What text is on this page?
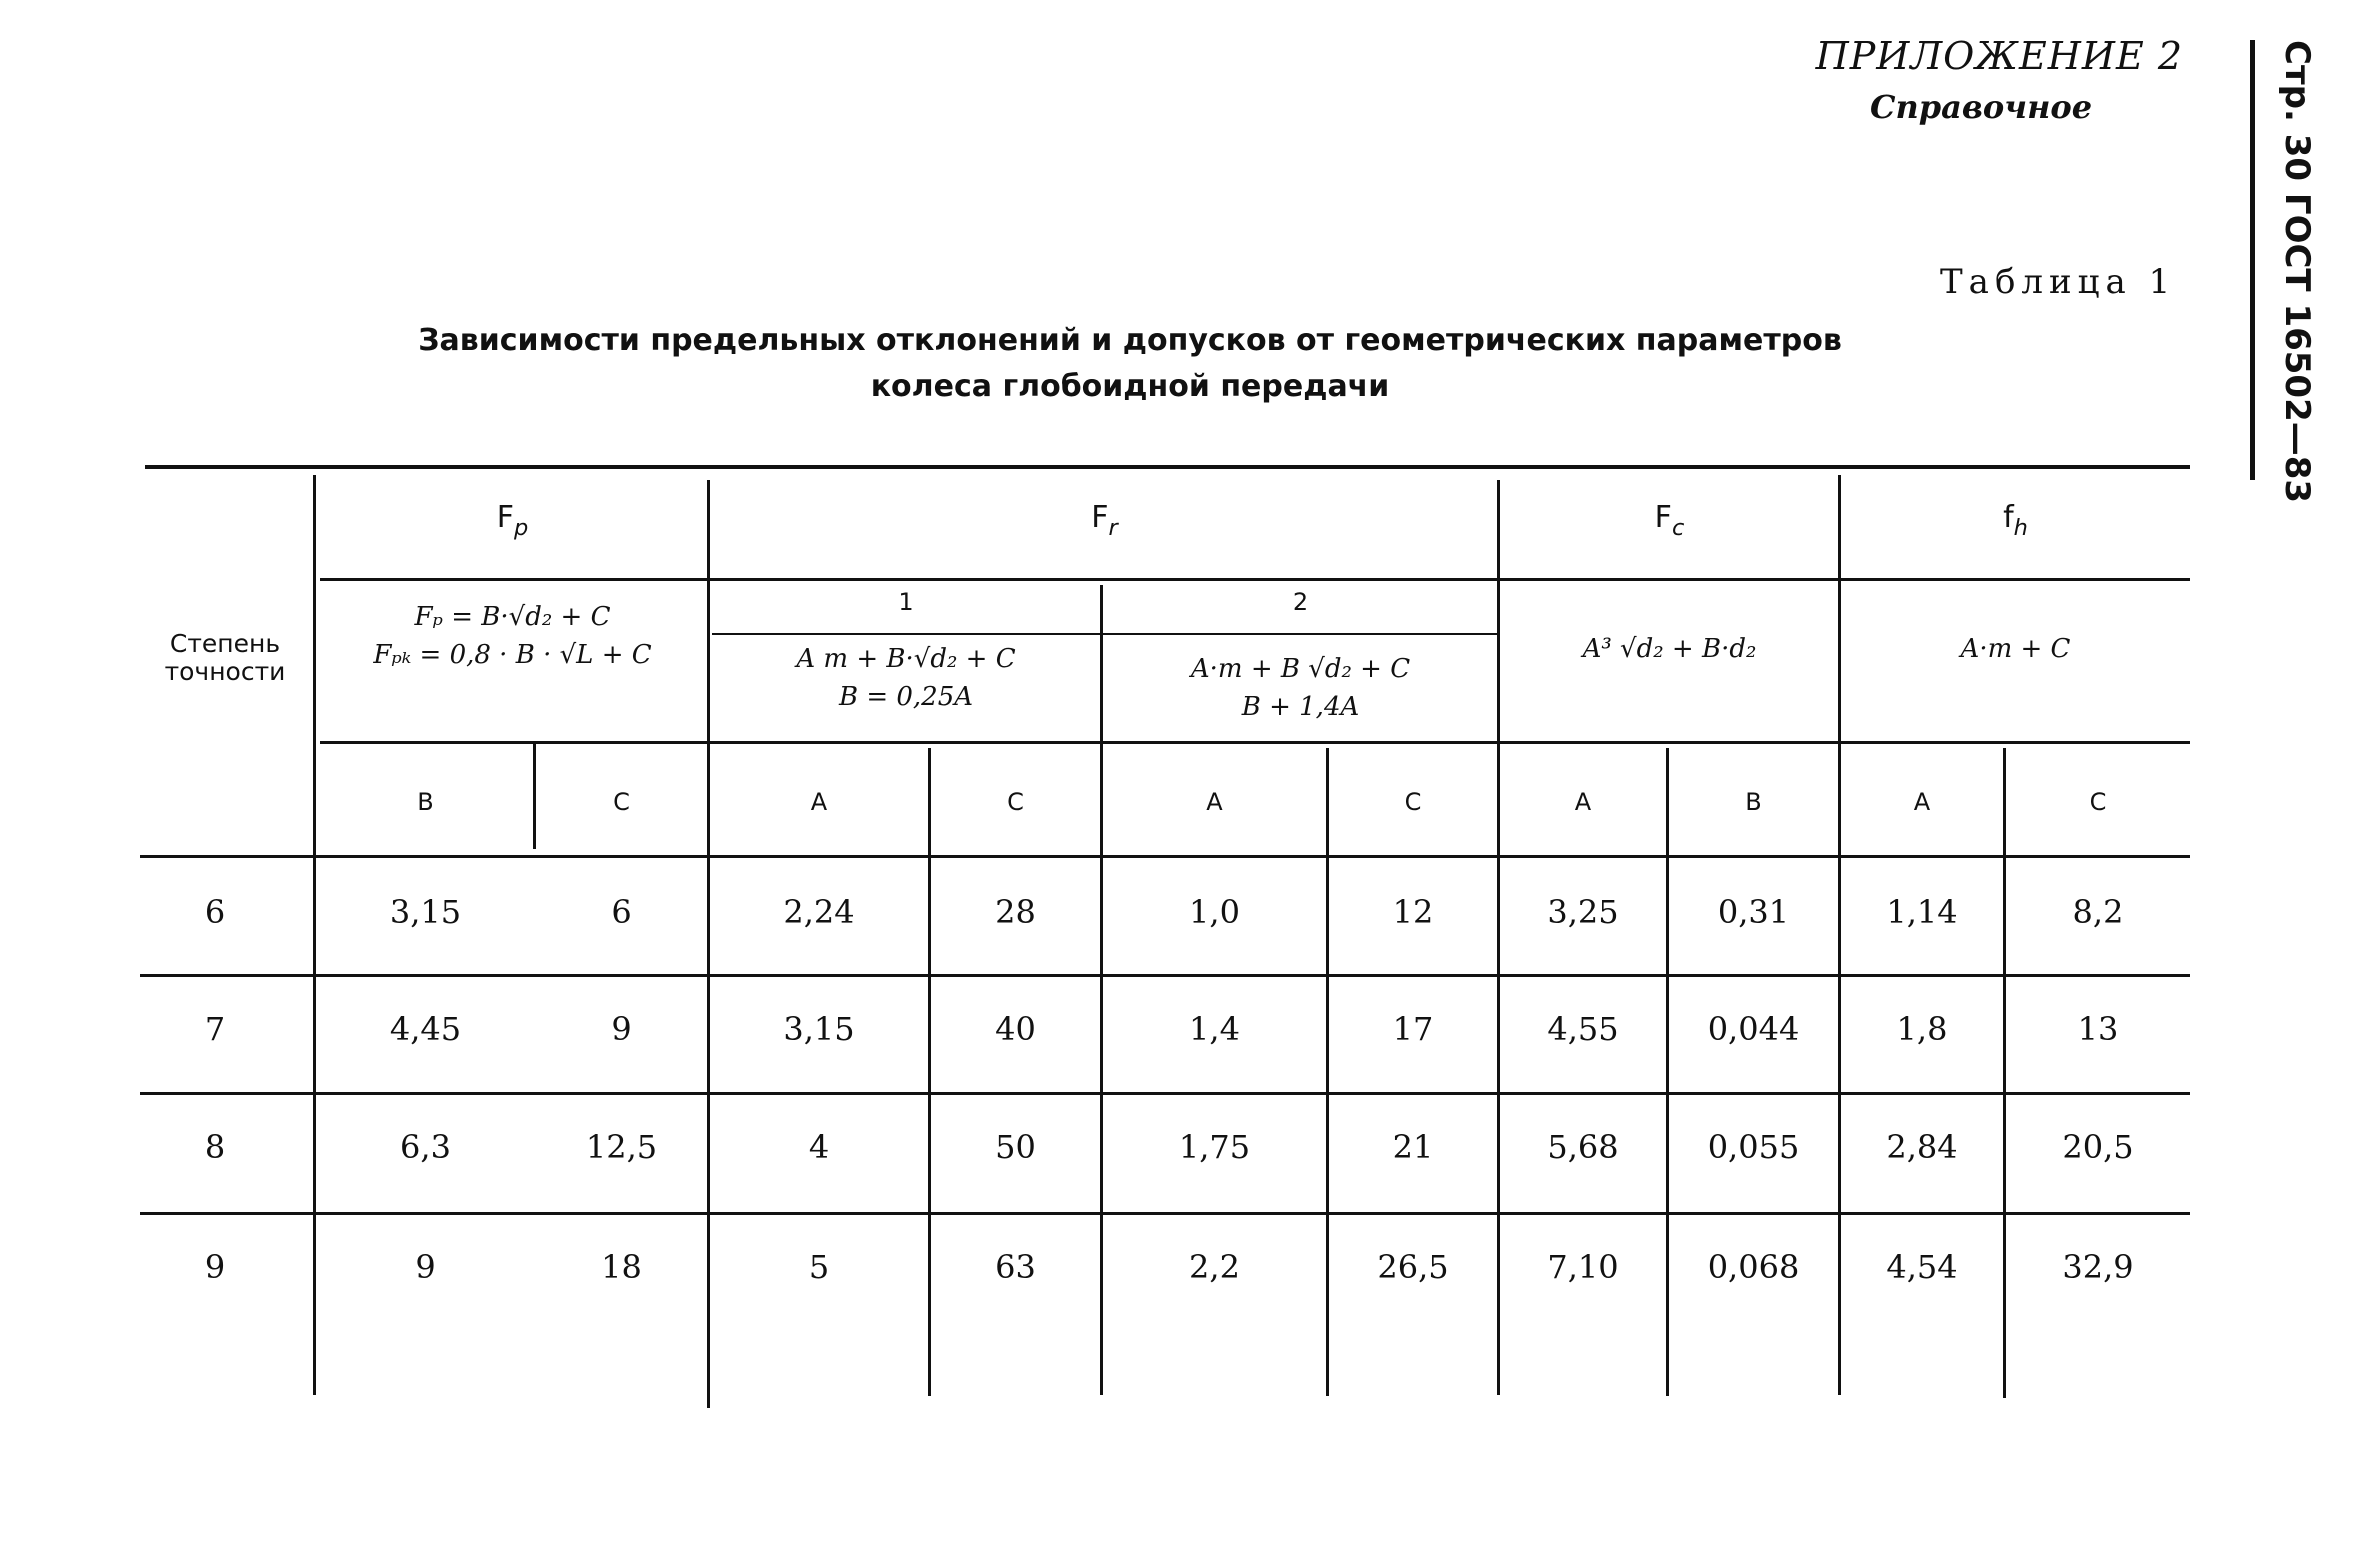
ПРИЛОЖЕНИЕ 2
Справочное	Стр. 30 ГОСТ 16502—83
Таблица 1
Зависимости предельных отклонений и допусков от геометрических параметров
колеса глобоидной передачи
Степень точности
$F_p$	$F_r$	$F_c$	$f_h$
Fₚ = B·√d₂ + C
Fₚₖ = 0,8 · B · √L + C
1	2
A m + B·√d₂ + C
B = 0,25A
A·m + B √d₂ + C
B + 1,4A
A³ √d₂ + B·d₂	A·m + C
B	C	A	C	A	C	A	B	A	C
6	3,15	6	2,24	28	1,0	12	3,25	0,31	1,14	8,2
7	4,45	9	3,15	40	1,4	17	4,55	0,044	1,8	13
8	6,3	12,5	4	50	1,75	21	5,68	0,055	2,84	20,5
9	9	18	5	63	2,2	26,5	7,10	0,068	4,54	32,9
